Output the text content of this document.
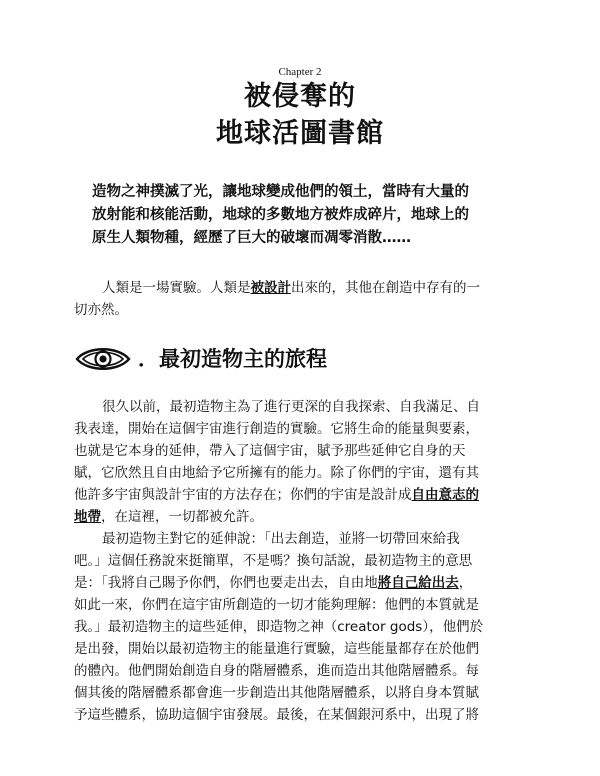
Chapter 2
被侵奪的
地球活圖書館
造物之神撲滅了光，讓地球變成他們的領土，當時有大量的
放射能和核能活動，地球的多數地方被炸成碎片，地球上的
原生人類物種，經歷了巨大的破壞而凋零消散……
人類是一場實驗。人類是被設計出來的，其他在創造中存有的一
切亦然。
．最初造物主的旅程
很久以前，最初造物主為了進行更深的自我探索、自我滿足、自
我表達，開始在這個宇宙進行創造的實驗。它將生命的能量與要素，
也就是它本身的延伸，帶入了這個宇宙，賦予那些延伸它自身的天
賦，它欣然且自由地給予它所擁有的能力。除了你們的宇宙，還有其
他許多宇宙與設計宇宙的方法存在；你們的宇宙是設計成自由意志的
地帶，在這裡，一切都被允許。
最初造物主對它的延伸說：「出去創造，並將一切帶回來給我
吧。」這個任務說來挺簡單，不是嗎？換句話說，最初造物主的意思
是：「我將自己賜予你們，你們也要走出去，自由地將自己給出去，
如此一來，你們在這宇宙所創造的一切才能夠理解：他們的本質就是
我。」最初造物主的這些延伸，即造物之神（creator gods），他們於
是出發，開始以最初造物主的能量進行實驗，這些能量都存在於他們
的體內。他們開始創造自身的階層體系，進而造出其他階層體系。每
個其後的階層體系都會進一步創造出其他階層體系，以將自身本質賦
予這些體系，協助這個宇宙發展。最後，在某個銀河系中，出現了將
